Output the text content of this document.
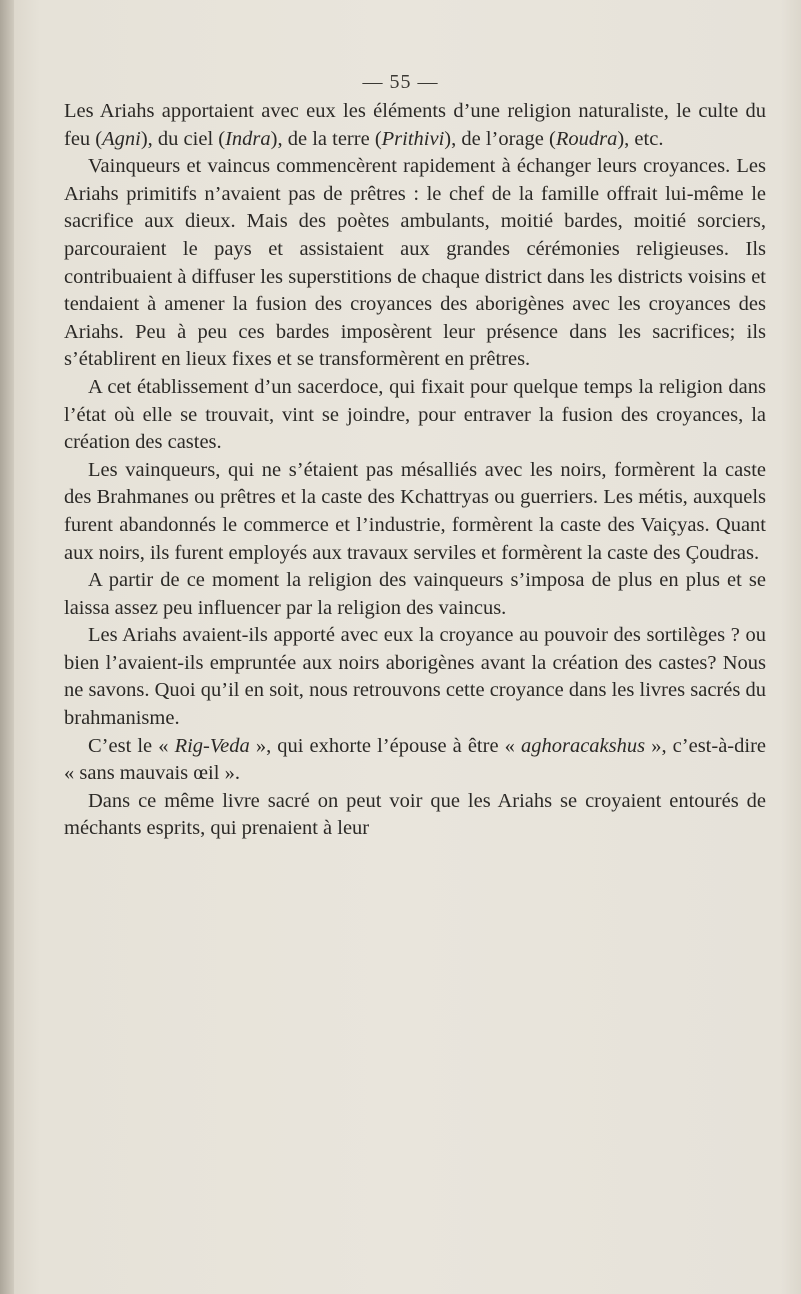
— 55 —

Les Ariahs apportaient avec eux les éléments d’une religion naturaliste, le culte du feu (Agni), du ciel (Indra), de la terre (Prithivi), de l’orage (Roudra), etc.

Vainqueurs et vaincus commencèrent rapidement à échanger leurs croyances. Les Ariahs primitifs n’avaient pas de prêtres : le chef de la famille offrait lui-même le sacrifice aux dieux. Mais des poètes ambulants, moitié bardes, moitié sorciers, parcouraient le pays et assistaient aux grandes cérémonies religieuses. Ils contribuaient à diffuser les superstitions de chaque district dans les districts voisins et tendaient à amener la fusion des croyances des aborigènes avec les croyances des Ariahs. Peu à peu ces bardes imposèrent leur présence dans les sacrifices; ils s’établirent en lieux fixes et se transformèrent en prêtres.

A cet établissement d’un sacerdoce, qui fixait pour quelque temps la religion dans l’état où elle se trouvait, vint se joindre, pour entraver la fusion des croyances, la création des castes.

Les vainqueurs, qui ne s’étaient pas mésalliés avec les noirs, formèrent la caste des Brahmanes ou prêtres et la caste des Kchattryas ou guerriers. Les métis, auxquels furent abandonnés le commerce et l’industrie, formèrent la caste des Vaiçyas. Quant aux noirs, ils furent employés aux travaux serviles et formèrent la caste des Çoudras.

A partir de ce moment la religion des vainqueurs s’imposa de plus en plus et se laissa assez peu influencer par la religion des vaincus.

Les Ariahs avaient-ils apporté avec eux la croyance au pouvoir des sortilèges ? ou bien l’avaient-ils empruntée aux noirs aborigènes avant la création des castes? Nous ne savons. Quoi qu’il en soit, nous retrouvons cette croyance dans les livres sacrés du brahmanisme.

C’est le « Rig-Veda », qui exhorte l’épouse à être « aghoracakshus », c’est-à-dire « sans mauvais œil ».

Dans ce même livre sacré on peut voir que les Ariahs se croyaient entourés de méchants esprits, qui prenaient à leur
